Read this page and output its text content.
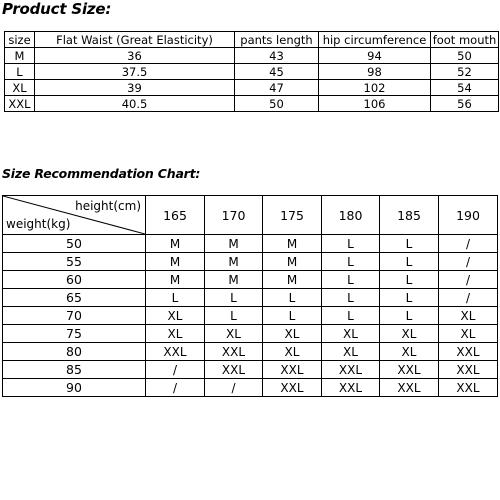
Product Size:
size	Flat Waist (Great Elasticity)	pants length	hip circumference	foot mouth
M	36	43	94	50
L	37.5	45	98	52
XL	39	47	102	54
XXL	40.5	50	106	56
Size Recommendation Chart:
height(cm)
weight(kg)	165	170	175	180	185	190
50	M	M	M	L	L	/
55	M	M	M	L	L	/
60	M	M	M	L	L	/
65	L	L	L	L	L	/
70	XL	L	L	L	L	XL
75	XL	XL	XL	XL	XL	XL
80	XXL	XXL	XL	XL	XL	XXL
85	/	XXL	XXL	XXL	XXL	XXL
90	/	/	XXL	XXL	XXL	XXL
